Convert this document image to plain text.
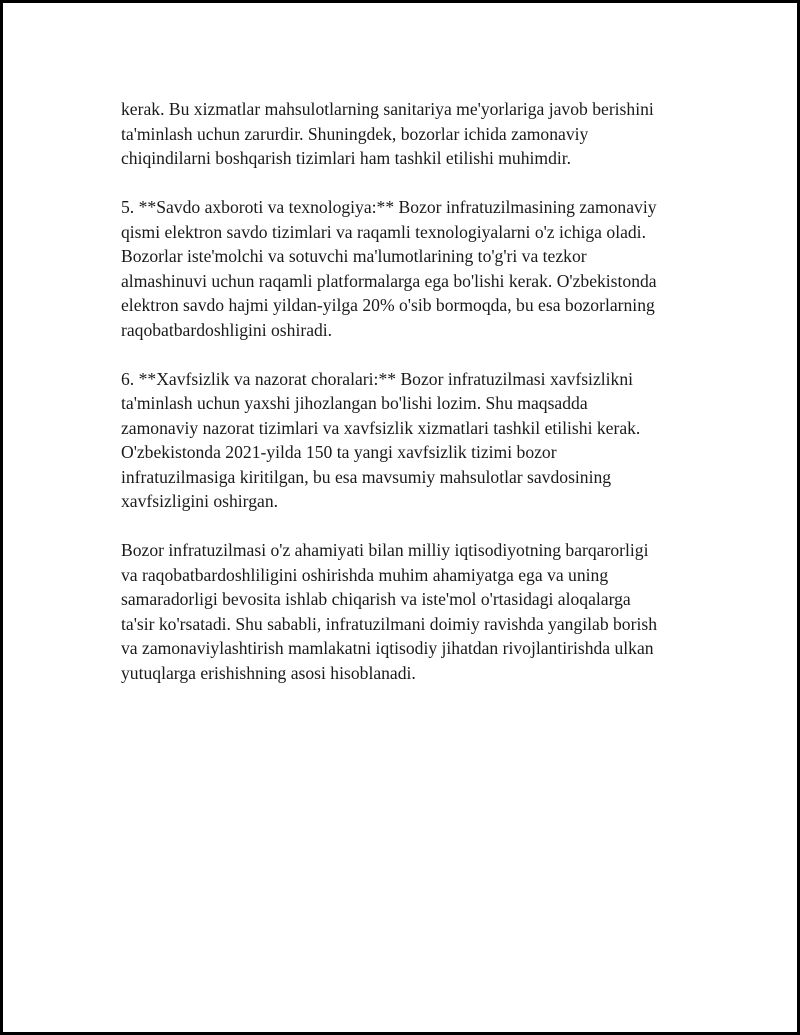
kerak. Bu xizmatlar mahsulotlarning sanitariya me'yorlariga javob berishini

ta'minlash uchun zarurdir. Shuningdek, bozorlar ichida zamonaviy

chiqindilarni boshqarish tizimlari ham tashkil etilishi muhimdir.

5. **Savdo axboroti va texnologiya:** Bozor infratuzilmasining zamonaviy

qismi elektron savdo tizimlari va raqamli texnologiyalarni o'z ichiga oladi.

Bozorlar iste'molchi va sotuvchi ma'lumotlarining to'g'ri va tezkor

almashinuvi uchun raqamli platformalarga ega bo'lishi kerak. O'zbekistonda

elektron savdo hajmi yildan-yilga 20% o'sib bormoqda, bu esa bozorlarning

raqobatbardoshligini oshiradi.

6. **Xavfsizlik va nazorat choralari:** Bozor infratuzilmasi xavfsizlikni

ta'minlash uchun yaxshi jihozlangan bo'lishi lozim. Shu maqsadda

zamonaviy nazorat tizimlari va xavfsizlik xizmatlari tashkil etilishi kerak.

O'zbekistonda 2021-yilda 150 ta yangi xavfsizlik tizimi bozor

infratuzilmasiga kiritilgan, bu esa mavsumiy mahsulotlar savdosining

xavfsizligini oshirgan.

Bozor infratuzilmasi o'z ahamiyati bilan milliy iqtisodiyotning barqarorligi

va raqobatbardoshliligini oshirishda muhim ahamiyatga ega va uning

samaradorligi bevosita ishlab chiqarish va iste'mol o'rtasidagi aloqalarga

ta'sir ko'rsatadi. Shu sababli, infratuzilmani doimiy ravishda yangilab borish

va zamonaviylashtirish mamlakatni iqtisodiy jihatdan rivojlantirishda ulkan

yutuqlarga erishishning asosi hisoblanadi.
